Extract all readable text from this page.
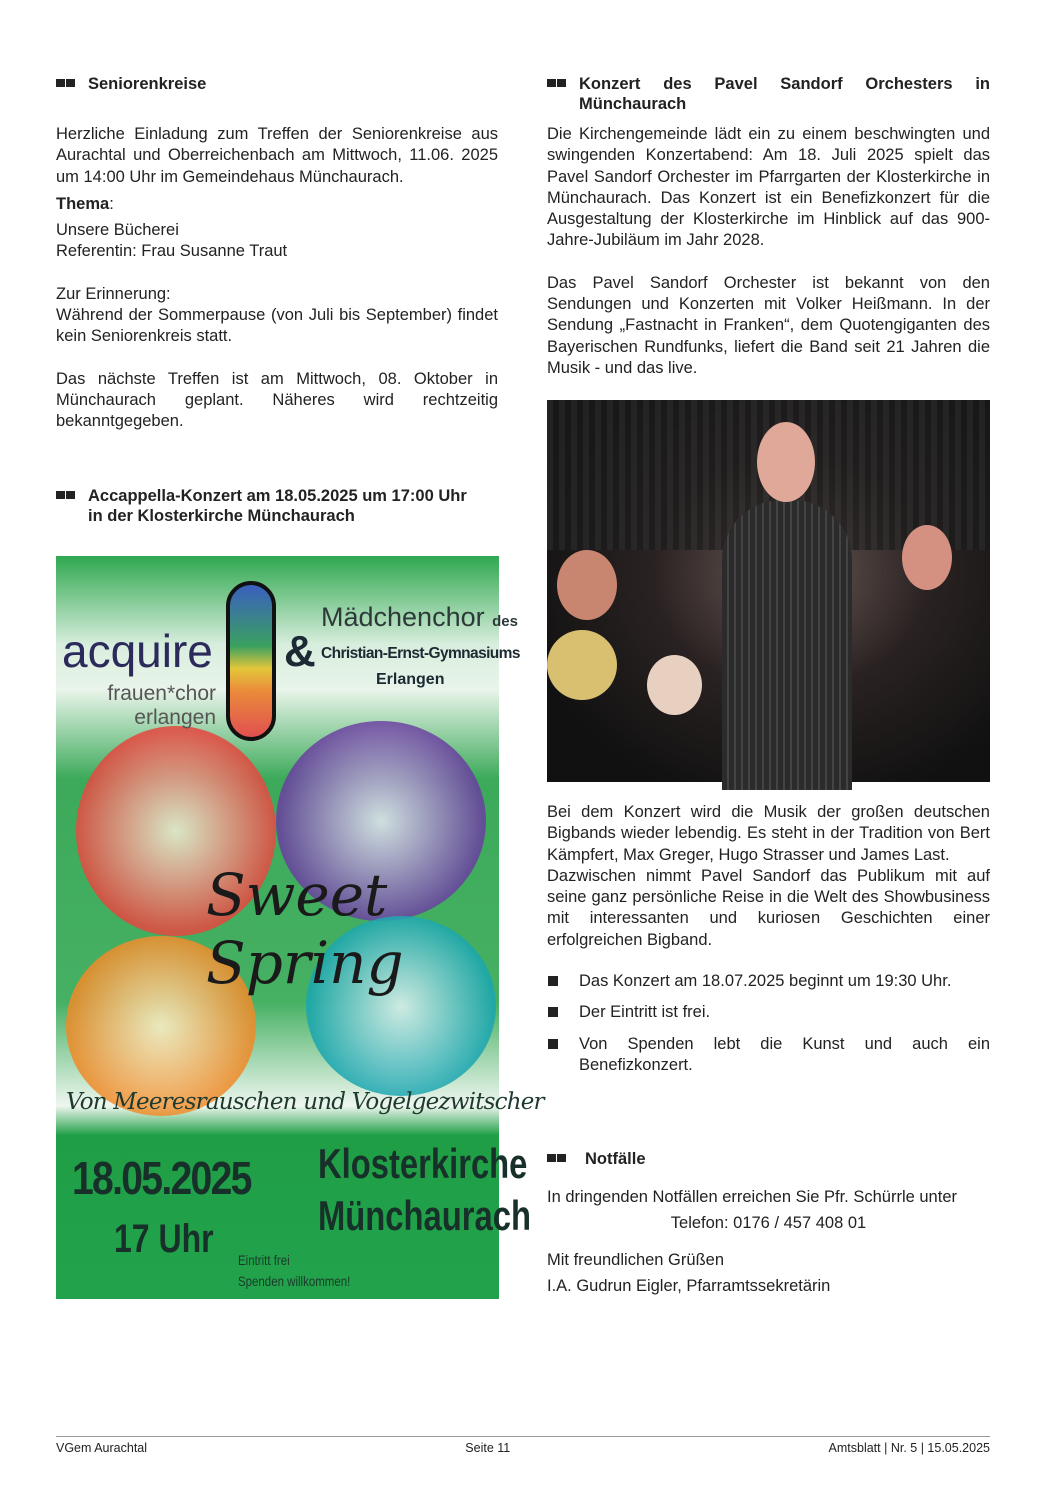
Seniorenkreise

Herzliche Einladung zum Treffen der Seniorenkreise aus Aurachtal und Oberreichenbach am Mittwoch, 11.06. 2025 um 14:00 Uhr im Gemeindehaus Münchaurach.

Thema:

Unsere Bücherei

Referentin: Frau Susanne Traut

Zur Erinnerung:

Während der Sommerpause (von Juli bis September) findet kein Seniorenkreis statt.

Das nächste Treffen ist am Mittwoch, 08. Oktober in Münchaurach geplant. Näheres wird rechtzeitig bekanntgegeben.

Accappella-Konzert am 18.05.2025 um 17:00 Uhr
in der Klosterkirche Münchaurach
acquire
frauen*chor
erlangen
&
Mädchenchor des
Christian-Ernst-Gymnasiums
Erlangen
Sweet
Spring
Von Meeresrauschen und Vogelgezwitscher
18.05.2025
17 Uhr
Klosterkirche
Münchaurach
Eintritt frei
Spenden willkommen!
Konzert des Pavel Sandorf Orchesters in
Münchaurach

Die Kirchengemeinde lädt ein zu einem beschwingten und swingenden Konzertabend: Am 18. Juli 2025 spielt das Pavel Sandorf Orchester im Pfarrgarten der Klosterkirche in Münchaurach. Das Konzert ist ein Benefizkonzert für die Ausgestaltung der Klosterkirche im Hinblick auf das 900-Jahre-Jubiläum im Jahr 2028.

Das Pavel Sandorf Orchester ist bekannt von den Sendungen und Konzerten mit Volker Heißmann. In der Sendung „Fastnacht in Franken“, dem Quotengiganten des Bayerischen Rundfunks, liefert die Band seit 21 Jahren die Musik - und das live.

Bei dem Konzert wird die Musik der großen deutschen Bigbands wieder lebendig. Es steht in der Tradition von Bert Kämpfert, Max Greger, Hugo Strasser und James Last.

Dazwischen nimmt Pavel Sandorf das Publikum mit auf seine ganz persönliche Reise in die Welt des Showbusiness mit interessanten und kuriosen Geschichten einer erfolgreichen Bigband.

Das Konzert am 18.07.2025 beginnt um 19:30 Uhr.
Der Eintritt ist frei.
Von Spenden lebt die Kunst und auch ein Benefizkonzert.
Notfälle

In dringenden Notfällen erreichen Sie Pfr. Schürrle unter

Telefon: 0176 / 457 408 01

Mit freundlichen Grüßen

I.A. Gudrun Eigler, Pfarramtssekretärin

VGem Aurachtal	Seite 11	Amtsblatt | Nr. 5 | 15.05.2025
